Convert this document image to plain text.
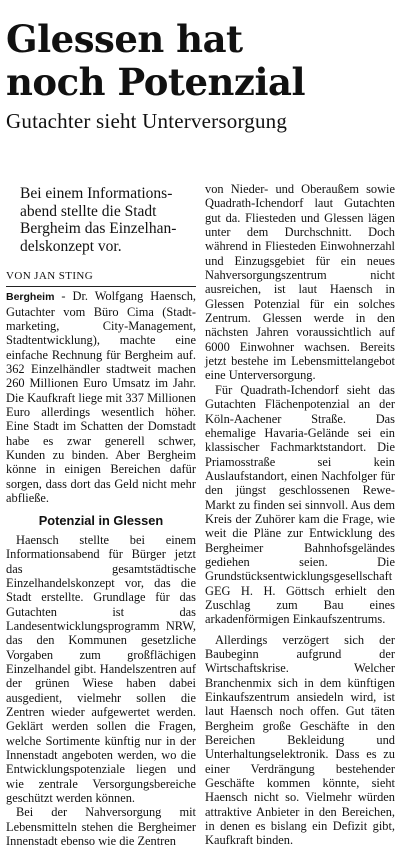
Glessen hat
noch Potenzial
Gutachter sieht Unterversorgung
Bei einem Informations-abend stellte die Stadt Bergheim das Einzelhan-delskonzept vor.
VON JAN STING

Bergheim - Dr. Wolfgang Haensch, Gutachter vom Büro Cima (Stadt-marketing, City-Management, Stadtentwicklung), machte eine einfache Rechnung für Bergheim auf. 362 Einzelhändler stadtweit machen 260 Millionen Euro Umsatz im Jahr. Die Kaufkraft liege mit 337 Millionen Euro allerdings wesentlich höher. Eine Stadt im Schatten der Domstadt habe es zwar generell schwer, Kunden zu binden. Aber Bergheim könne in einigen Bereichen dafür sorgen, dass dort das Geld nicht mehr abfließe.

Potenzial in Glessen

Haensch stellte bei einem Informationsabend für Bürger jetzt das gesamtstädtische Einzelhandelskonzept vor, das die Stadt erstellte. Grundlage für das Gutachten ist das Landesentwicklungsprogramm NRW, das den Kommunen gesetzliche Vorgaben zum großflächigen Einzelhandel gibt. Handelszentren auf der grünen Wiese haben dabei ausgedient, vielmehr sollen die Zentren wieder aufgewertet werden. Geklärt werden sollen die Fragen, welche Sortimente künftig nur in der Innenstadt angeboten werden, wo die Entwicklungspotenziale liegen und wie zentrale Versorgungsbereiche geschützt werden können.

Bei der Nahversorgung mit Lebensmitteln stehen die Bergheimer Innenstadt ebenso wie die Zentren

von Nieder- und Oberaußem sowie Quadrath-Ichendorf laut Gutachten gut da. Fliesteden und Glessen lägen unter dem Durchschnitt. Doch während in Fliesteden Einwohnerzahl und Einzugsgebiet für ein neues Nahversorgungszentrum nicht ausreichen, ist laut Haensch in Glessen Potenzial für ein solches Zentrum. Glessen werde in den nächsten Jahren voraussichtlich auf 6000 Einwohner wachsen. Bereits jetzt bestehe im Lebensmittelangebot eine Unterversorgung.

Für Quadrath-Ichendorf sieht das Gutachten Flächenpotenzial an der Köln-Aachener Straße. Das ehemalige Havaria-Gelände sei ein klassischer Fachmarktstandort. Die Priamosstraße sei kein Auslaufstandort, einen Nachfolger für den jüngst geschlossenen Rewe-Markt zu finden sei sinnvoll. Aus dem Kreis der Zuhörer kam die Frage, wie weit die Pläne zur Entwicklung des Bergheimer Bahnhofsgeländes gediehen seien. Die Grundstücksentwicklungsgesellschaft GEG H. H. Göttsch erhielt den Zuschlag zum Bau eines arkadenförmigen Einkaufszentrums.

Allerdings verzögert sich der Baubeginn aufgrund der Wirtschaftskrise. Welcher Branchenmix sich in dem künftigen Einkaufszentrum ansiedeln wird, ist laut Haensch noch offen. Gut täten Bergheim große Geschäfte in den Bereichen Bekleidung und Unterhaltungselektronik. Dass es zu einer Verdrängung bestehender Geschäfte kommen könnte, sieht Haensch nicht so. Vielmehr würden attraktive Anbieter in den Bereichen, in denen es bislang ein Defizit gibt, Kaufkraft binden.
